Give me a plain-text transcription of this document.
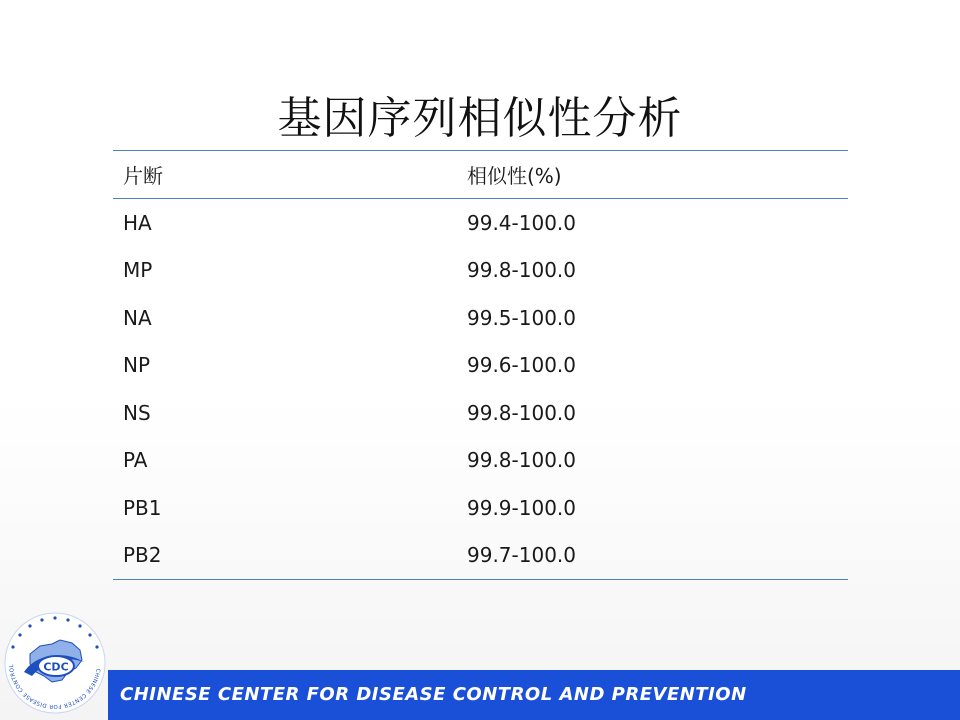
基因序列相似性分析
片断	相似性(%)
HA	99.4-100.0
MP	99.8-100.0
NA	99.5-100.0
NP	99.6-100.0
NS	99.8-100.0
PA	99.8-100.0
PB1	99.9-100.0
PB2	99.7-100.0
CHINESE CENTER FOR DISEASE CONTROL	CDC
CHINESE CENTER FOR DISEASE CONTROL AND PREVENTION
